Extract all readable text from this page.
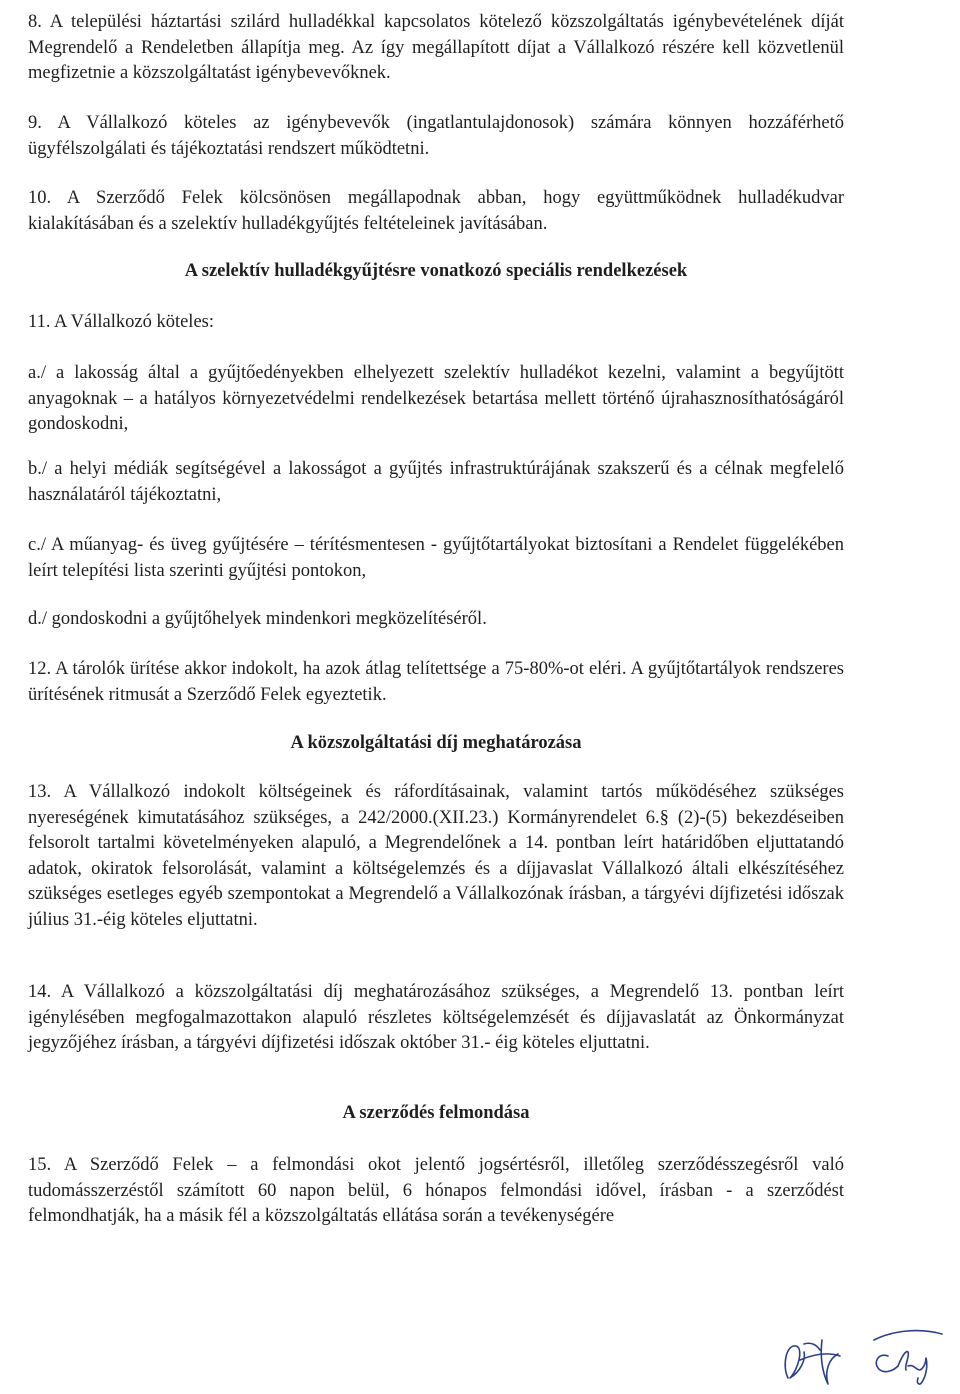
8. A települési háztartási szilárd hulladékkal kapcsolatos kötelező közszolgáltatás igénybevételének díját Megrendelő a Rendeletben állapítja meg. Az így megállapított díjat a Vállalkozó részére kell közvetlenül megfizetnie a közszolgáltatást igénybevevőknek.

9. A Vállalkozó köteles az igénybevevők (ingatlantulajdonosok) számára könnyen hozzáférhető ügyfélszolgálati és tájékoztatási rendszert működtetni.

10. A Szerződő Felek kölcsönösen megállapodnak abban, hogy együttműködnek hulladékudvar kialakításában és a szelektív hulladékgyűjtés feltételeinek javításában.

A szelektív hulladékgyűjtésre vonatkozó speciális rendelkezések

11. A Vállalkozó köteles:

a./ a lakosság által a gyűjtőedényekben elhelyezett szelektív hulladékot kezelni, valamint a begyűjtött anyagoknak – a hatályos környezetvédelmi rendelkezések betartása mellett történő újrahasznosíthatóságáról gondoskodni,

b./ a helyi médiák segítségével a lakosságot a gyűjtés infrastruktúrájának szakszerű és a célnak megfelelő használatáról tájékoztatni,

c./ A műanyag- és üveg gyűjtésére – térítésmentesen - gyűjtőtartályokat biztosítani a Rendelet függelékében leírt telepítési lista szerinti gyűjtési pontokon,

d./ gondoskodni a gyűjtőhelyek mindenkori megközelítéséről.

12. A tárolók ürítése akkor indokolt, ha azok átlag telítettsége a 75-80%-ot eléri. A gyűjtőtartályok rendszeres ürítésének ritmusát a Szerződő Felek egyeztetik.

A közszolgáltatási díj meghatározása

13. A Vállalkozó indokolt költségeinek és ráfordításainak, valamint tartós működéséhez szükséges nyereségének kimutatásához szükséges, a 242/2000.(XII.23.) Kormányrendelet 6.§ (2)-(5) bekezdéseiben felsorolt tartalmi követelményeken alapuló, a Megrendelőnek a 14. pontban leírt határidőben eljuttatandó adatok, okiratok felsorolását, valamint a költségelemzés és a díjjavaslat Vállalkozó általi elkészítéséhez szükséges esetleges egyéb szempontokat a Megrendelő a Vállalkozónak írásban, a tárgyévi díjfizetési időszak július 31.-éig köteles eljuttatni.

14. A Vállalkozó a közszolgáltatási díj meghatározásához szükséges, a Megrendelő 13. pontban leírt igénylésében megfogalmazottakon alapuló részletes költségelemzését és díjjavaslatát az Önkormányzat jegyzőjéhez írásban, a tárgyévi díjfizetési időszak október 31.- éig köteles eljuttatni.

A szerződés felmondása

15. A Szerződő Felek – a felmondási okot jelentő jogsértésről, illetőleg szerződésszegésről való tudomásszerzéstől számított 60 napon belül, 6 hónapos felmondási idővel, írásban - a szerződést felmondhatják, ha a másik fél a közszolgáltatás ellátása során a tevékenységére
